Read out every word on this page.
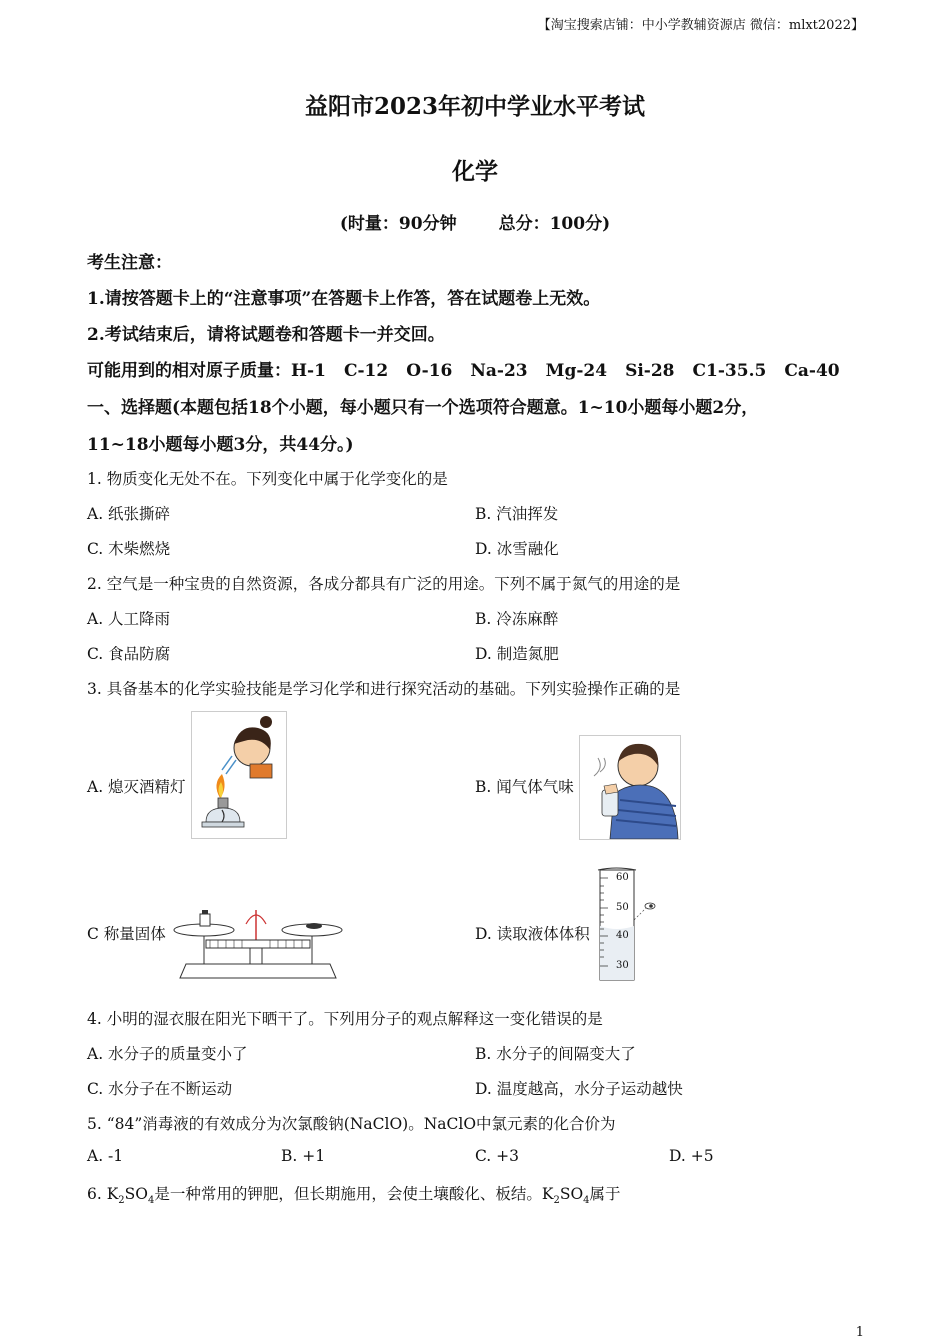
【淘宝搜索店铺：中小学教辅资源店 微信：mlxt2022】
益阳市2023年初中学业水平考试
化学
(时量：90分钟 总分：100分)
考生注意：
1.请按答题卡上的“注意事项”在答题卡上作答，答在试题卷上无效。
2.考试结束后，请将试题卷和答题卡一并交回。
可能用到的相对原子质量：H-1 C-12 O-16 Na-23 Mg-24 Si-28 C1-35.5 Ca-40
一、选择题(本题包括18个小题，每小题只有一个选项符合题意。1~10小题每小题2分，
11~18小题每小题3分，共44分。)
1. 物质变化无处不在。下列变化中属于化学变化的是
A. 纸张撕碎	B. 汽油挥发
C. 木柴燃烧	D. 冰雪融化
2. 空气是一种宝贵的自然资源，各成分都具有广泛的用途。下列不属于氮气的用途的是
A. 人工降雨	B. 冷冻麻醉
C. 食品防腐	D. 制造氮肥
3. 具备基本的化学实验技能是学习化学和进行探究活动的基础。下列实验操作正确的是
A. 熄灭酒精灯	B. 闻气体气味
C 称量固体	D. 读取液体体积
60
50
40
30
4. 小明的湿衣服在阳光下晒干了。下列用分子的观点解释这一变化错误的是
A. 水分子的质量变小了	B. 水分子的间隔变大了
C. 水分子在不断运动	D. 温度越高，水分子运动越快
5. “84”消毒液的有效成分为次氯酸钠(NaClO)。NaClO中氯元素的化合价为
A. -1	B. +1	C. +3	D. +5
6. $K_2SO_4$是一种常用的钾肥，但长期施用，会使土壤酸化、板结。$K_2SO_4$属于
1
